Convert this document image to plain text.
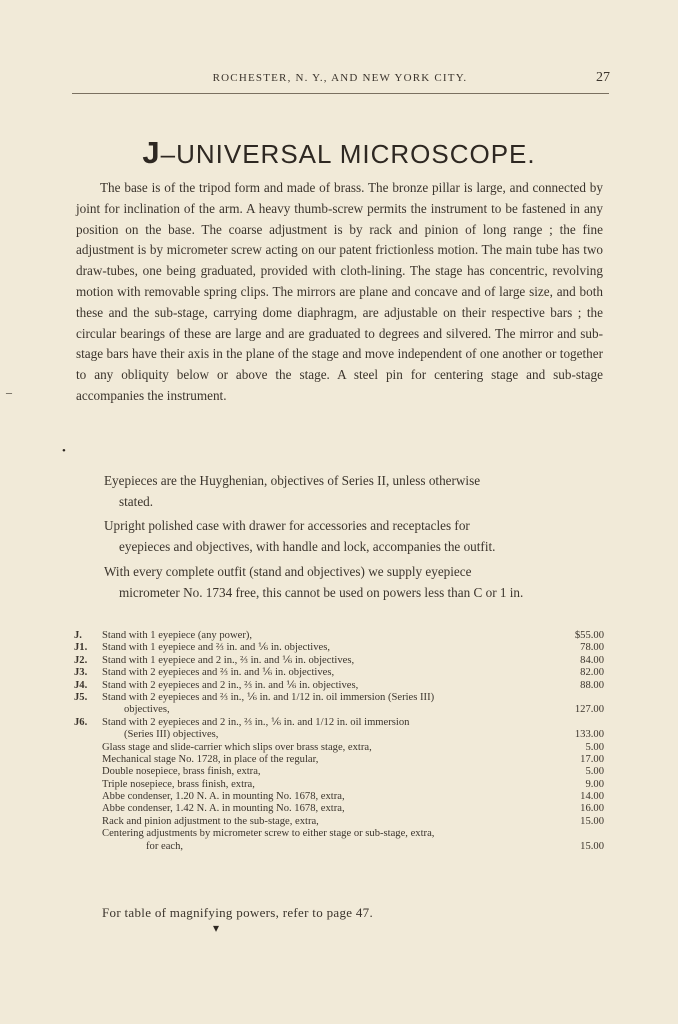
ROCHESTER, N. Y., AND NEW YORK CITY.	27
J–UNIVERSAL MICROSCOPE.

The base is of the tripod form and made of brass. The bronze pillar is large, and connected by joint for inclination of the arm. A heavy thumb-screw permits the instrument to be fastened in any position on the base. The coarse adjustment is by rack and pinion of long range ; the fine adjustment is by micrometer screw acting on our patent frictionless motion. The main tube has two draw-tubes, one being graduated, provided with cloth-lining. The stage has concentric, revolving motion with removable spring clips. The mirrors are plane and concave and of large size, and both these and the sub-stage, carrying dome diaphragm, are adjustable on their respective bars ; the circular bearings of these are large and are graduated to degrees and silvered. The mirror and sub-stage bars have their axis in the plane of the stage and move independent of one another or together to any obliquity below or above the stage. A steel pin for centering stage and sub-stage accompanies the instrument.

Eyepieces are the Huyghenian, objectives of Series II, unless otherwise
stated.

Upright polished case with drawer for accessories and receptacles for
eyepieces and objectives, with handle and lock, accompanies the outfit.

With every complete outfit (stand and objectives) we supply eyepiece
micrometer No. 1734 free, this cannot be used on powers less than C or 1 in.

J. Stand with 1 eyepiece (any power),	$55.00
J1. Stand with 1 eyepiece and ⅔ in. and ⅙ in. objectives,	78.00
J2. Stand with 1 eyepiece and 2 in., ⅔ in. and ⅙ in. objectives,	84.00
J3. Stand with 2 eyepieces and ⅔ in. and ⅙ in. objectives,	82.00
J4. Stand with 2 eyepieces and 2 in., ⅔ in. and ⅙ in. objectives,	88.00
J5. Stand with 2 eyepieces and ⅔ in., ⅙ in. and 1/12 in. oil immersion (Series III)
objectives,	127.00
J6. Stand with 2 eyepieces and 2 in., ⅔ in., ⅙ in. and 1/12 in. oil immersion
(Series III) objectives,	133.00
Glass stage and slide-carrier which slips over brass stage, extra,	5.00
Mechanical stage No. 1728, in place of the regular,	17.00
Double nosepiece, brass finish, extra,	5.00
Triple nosepiece, brass finish, extra,	9.00
Abbe condenser, 1.20 N. A. in mounting No. 1678, extra,	14.00
Abbe condenser, 1.42 N. A. in mounting No. 1678, extra,	16.00
Rack and pinion adjustment to the sub-stage, extra,	15.00
Centering adjustments by micrometer screw to either stage or sub-stage, extra,
for each,	15.00
For table of magnifying powers, refer to page 47.
–
•
▾
